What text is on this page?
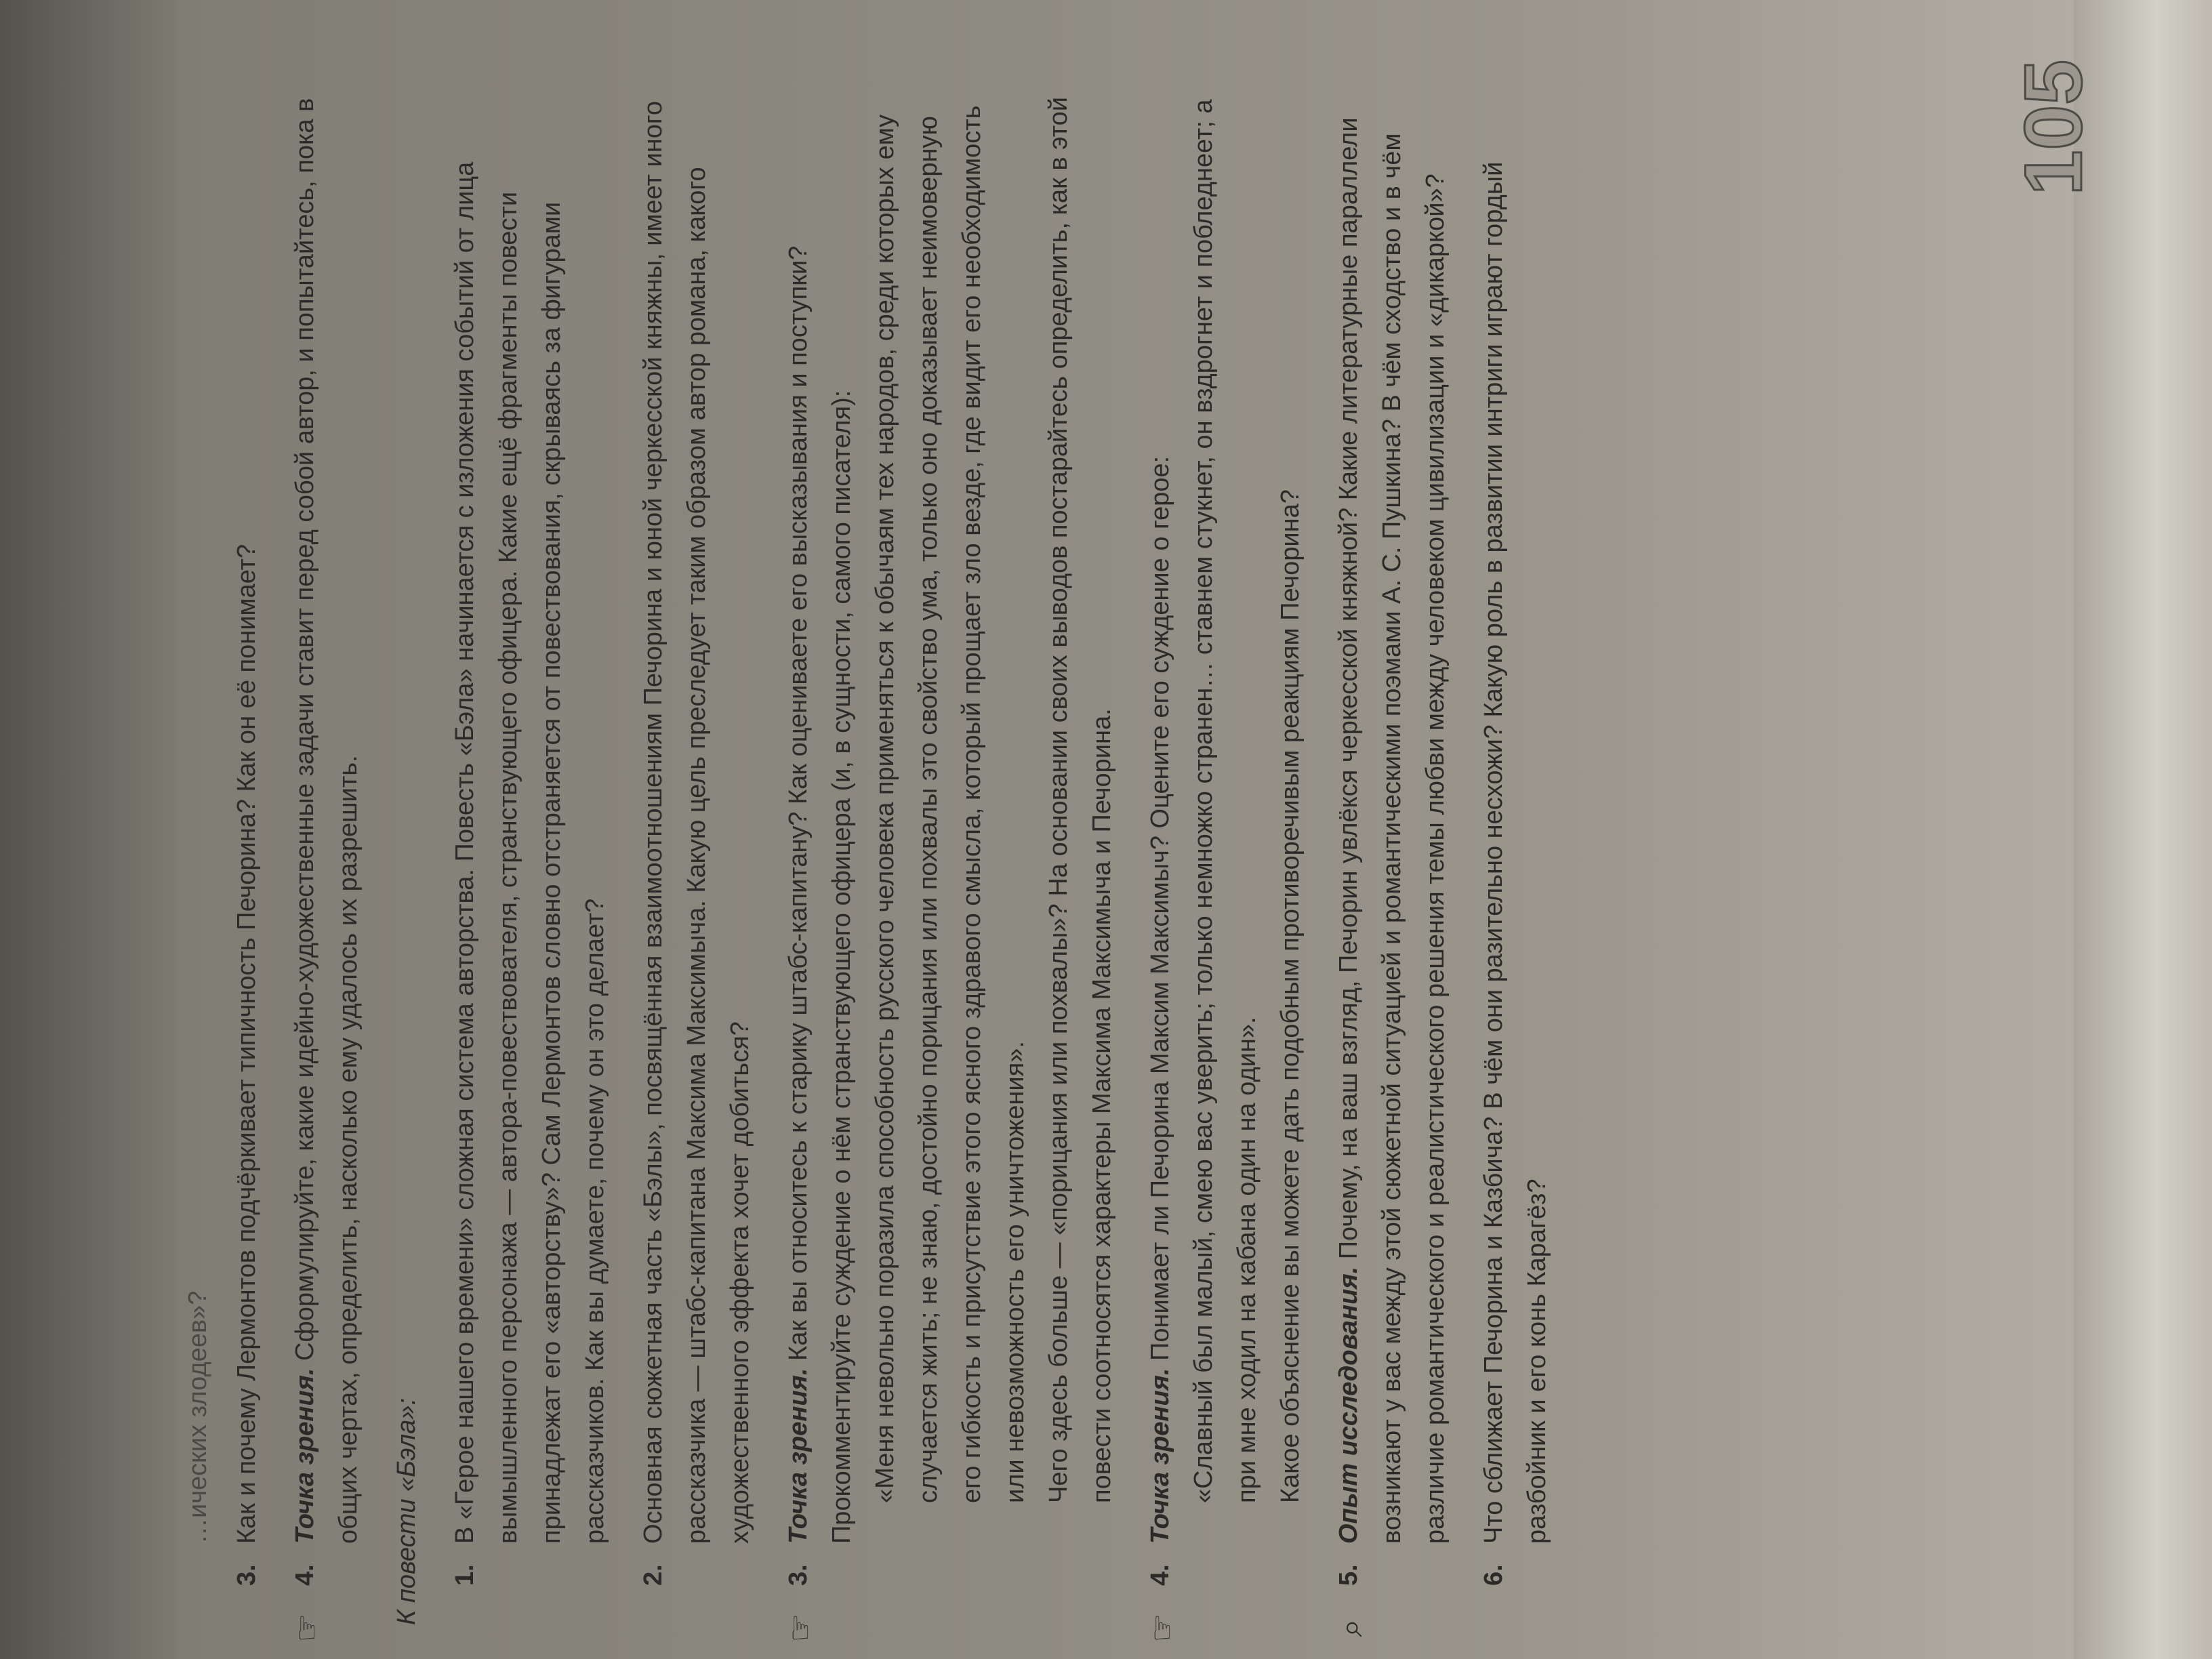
…ических злодеев»?
3.
Как и почему Лермонтов подчёркивает типичность Печорина? Как он её понимает?
☞
4.
Точка зрения. Сформулируйте, какие идейно-художественные задачи ставит перед собой автор, и попытайтесь, пока в общих чертах, определить, насколько ему удалось их разрешить. К повести «Бэла»: 1.
В «Герое нашего времени» сложная система авторства. Повесть «Бэла» начинается с изложения событий от лица вымышленного персонажа — автора-повествователя, странствующего офицера. Какие ещё фрагменты повести принадлежат его «авторству»? Сам Лермонтов словно отстраняется от повествования, скрываясь за фигурами рассказчиков. Как вы думаете, почему он это делает?
2.
Основная сюжетная часть «Бэлы», посвящённая взаимоотношениям Печорина и юной черкесской княжны, имеет иного рассказчика — штабс-капитана Максима Максимыча. Какую цель преследует таким образом автор романа, какого художественного эффекта хочет добиться?
☞
3.
Точка зрения. Как вы относитесь к старику штабс-капитану? Как оцениваете его высказывания и поступки? Прокомментируйте суждение о нём странствующего офицера (и, в сущности, самого писателя): «Меня невольно поразила способность русского человека применяться к обычаям тех народов, среди которых ему случается жить; не знаю, достойно порицания или похвалы это свойство ума, только оно доказывает неимоверную его гибкость и присутствие этого ясного здравого смысла, который прощает зло везде, где видит его необходимость или невозможность его уничтожения». Чего здесь больше — «порицания или похвалы»? На основании своих выводов постарайтесь определить, как в этой повести соотносятся характеры Максима Максимыча и Печорина.
☞
4.
Точка зрения. Понимает ли Печорина Максим Максимыч? Оцените его суждение о герое: «Славный был малый, смею вас уверить; только немножко странен… ставнем стукнет, он вздрогнет и побледнеет; а при мне ходил на кабана один на один». Какое объяснение вы можете дать подобным противоречивым реакциям Печорина?
⌕
5.
Опыт исследования. Почему, на ваш взгляд, Печорин увлёкся черкесской княжной? Какие литературные параллели возникают у вас между этой сюжетной ситуацией и романтическими поэмами А. С. Пушкина? В чём сходство и в чём различие романтического и реалистического решения темы любви между человеком цивилизации и «дикаркой»?
6.
Что сближает Печорина и Казбича? В чём они разительно несхожи? Какую роль в развитии интриги играют гордый разбойник и его конь Карагёз?
105
